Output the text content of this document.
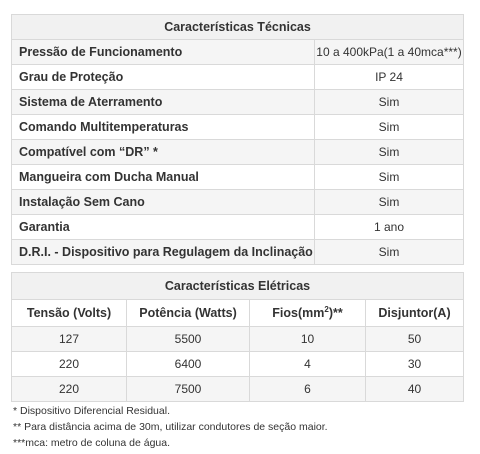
Características Técnicas	
Pressão de Funcionamento	10 a 400kPa(1 a 40mca***)
Grau de Proteção	IP 24
Sistema de Aterramento	Sim
Comando Multitemperaturas	Sim
Compatível com “DR” *	Sim
Mangueira com Ducha Manual	Sim
Instalação Sem Cano	Sim
Garantia	1 ano
D.R.I. - Dispositivo para Regulagem da Inclinação	Sim
Características Elétricas			
Tensão (Volts)	Potência (Watts)	$Fios(mm^2)**$	Disjuntor(A)
127	5500	10	50
220	6400	4	30
220	7500	6	40
* Dispositivo Diferencial Residual.
** Para distância acima de 30m, utilizar condutores de seção maior.
***mca: metro de coluna de água.
